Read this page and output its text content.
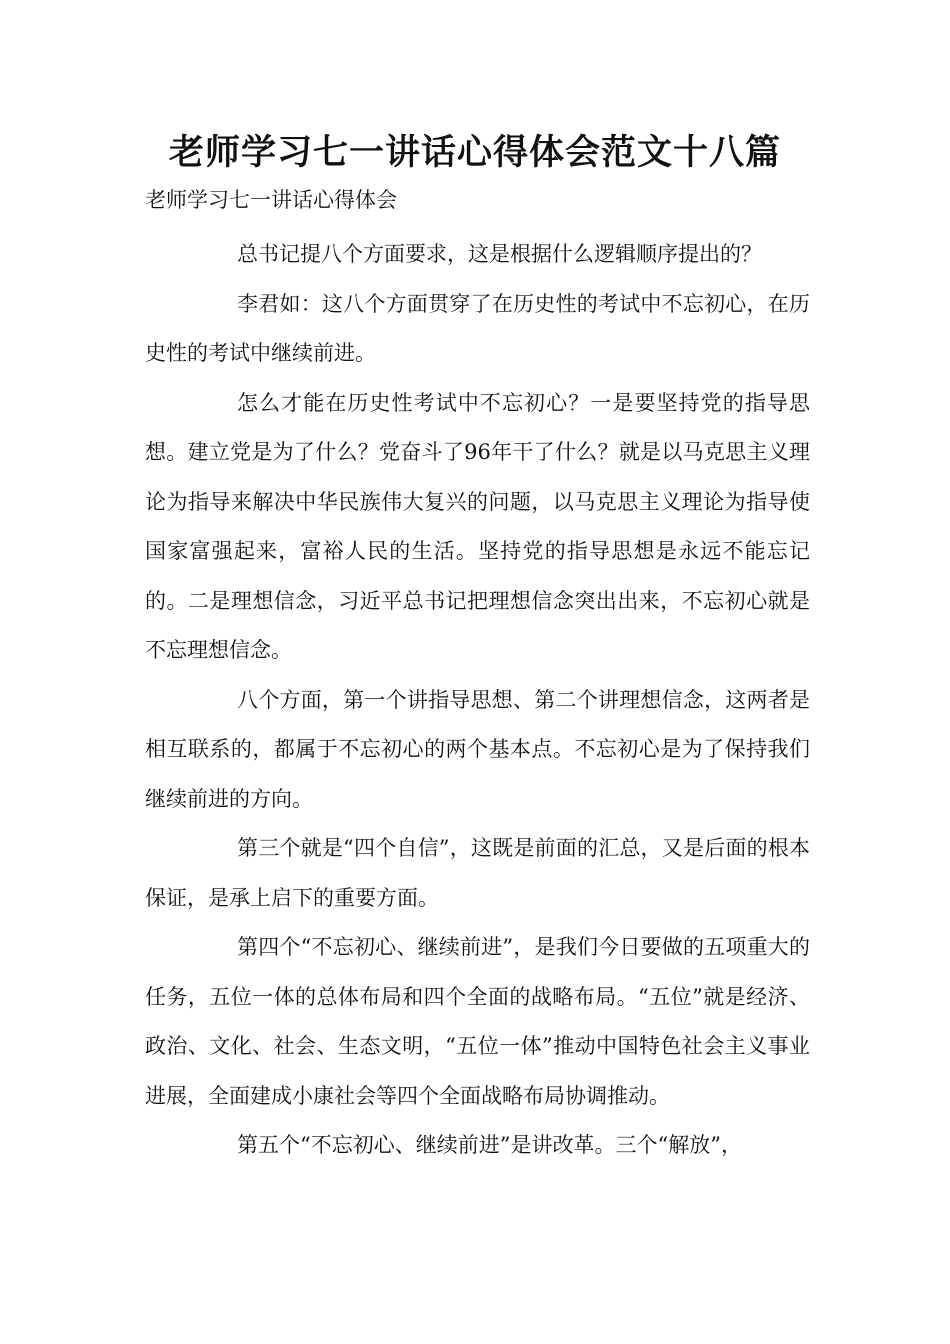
老师学习七一讲话心得体会范文十八篇
老师学习七一讲话心得体会

总书记提八个方面要求，这是根据什么逻辑顺序提出的？

李君如：这八个方面贯穿了在历史性的考试中不忘初心，在历史性的考试中继续前进。

怎么才能在历史性考试中不忘初心？一是要坚持党的指导思想。建立党是为了什么？党奋斗了96年干了什么？就是以马克思主义理论为指导来解决中华民族伟大复兴的问题，以马克思主义理论为指导使国家富强起来，富裕人民的生活。坚持党的指导思想是永远不能忘记的。二是理想信念，习近平总书记把理想信念突出出来，不忘初心就是不忘理想信念。

八个方面，第一个讲指导思想、第二个讲理想信念，这两者是相互联系的，都属于不忘初心的两个基本点。不忘初心是为了保持我们继续前进的方向。

第三个就是“四个自信”，这既是前面的汇总，又是后面的根本保证，是承上启下的重要方面。

第四个“不忘初心、继续前进”，是我们今日要做的五项重大的任务，五位一体的总体布局和四个全面的战略布局。“五位”就是经济、政治、文化、社会、生态文明，“五位一体”推动中国特色社会主义事业进展，全面建成小康社会等四个全面战略布局协调推动。

第五个“不忘初心、继续前进”是讲改革。三个“解放”，
